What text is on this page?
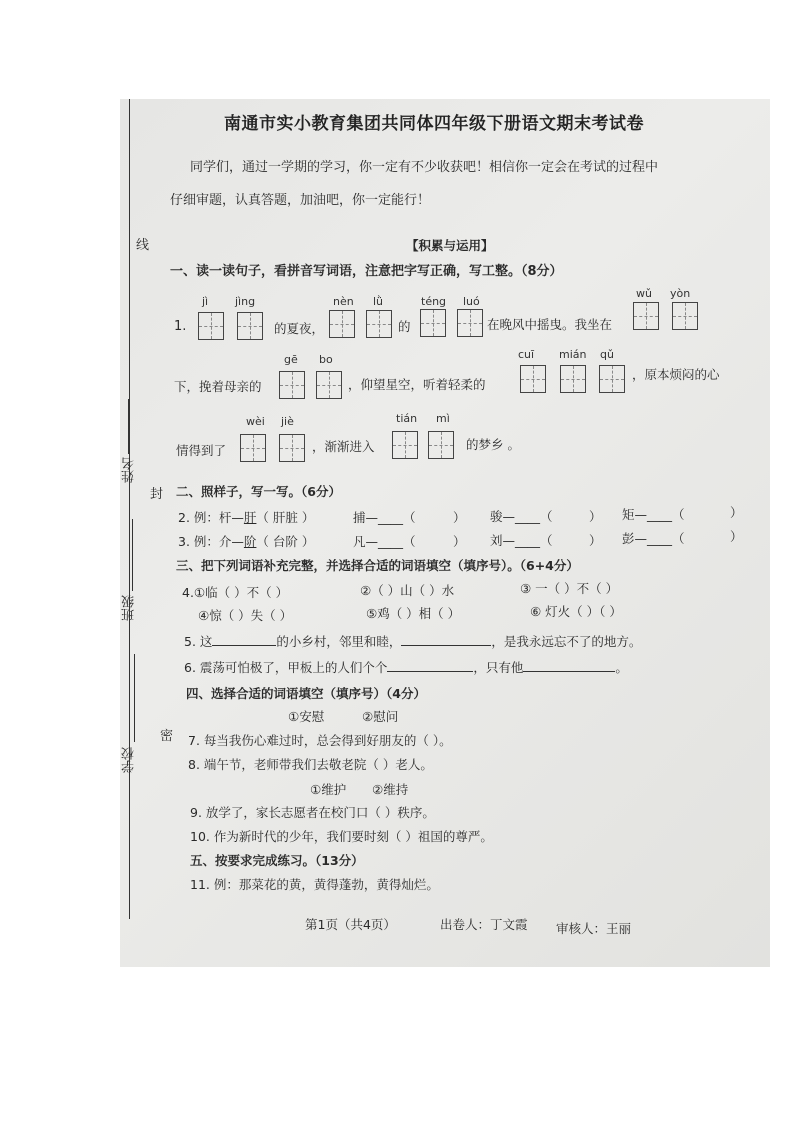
线
封
密
姓名
班级
学校
南通市实小教育集团共同体四年级下册语文期末考试卷
同学们，通过一学期的学习，你一定有不少收获吧！相信你一定会在考试的过程中
仔细审题，认真答题，加油吧，你一定能行！
【积累与运用】
一、读一读句子，看拼音写词语，注意把字写正确，写工整。（8分）
jì jìng	nèn lǜ	téng luó
wǔ yòn
1.	的夏夜，	的	在晚风中摇曳。我坐在
gē bo	cuī mián qǔ
下，挽着母亲的	，仰望星空，听着轻柔的
，原本烦闷的心
wèi jiè	tián mì
情得到了	，渐渐进入	的梦乡 。
二、照样子，写一写。（6分）
2. 例：杆—肝（ 肝脏 ）	捕—____（	） 骏—____（	） 矩—____（	）
3. 例：介—阶（ 台阶 ）	凡—____（	） 刘—____（	） 彭—____（	）
三、把下列词语补充完整，并选择合适的词语填空（填序号）。（6+4分）
4.①临（ ）不（ ）	②（ ）山（ ）水	③ 一（ ）不（ ）
④惊（ ）失（ ）	⑤鸡（ ）相（ ）	⑥ 灯火（ ）（ ）
5. 这	的小乡村，邻里和睦，	，是我永远忘不了的地方。
6. 震荡可怕极了，甲板上的人们个个	，只有他	。
四、选择合适的词语填空（填序号）（4分）
①安慰	②慰问
7. 每当我伤心难过时，总会得到好朋友的（ ）。
8. 端午节，老师带我们去敬老院（ ）老人。
①维护 ②维持
9. 放学了，家长志愿者在校门口（ ）秩序。
10. 作为新时代的少年，我们要时刻（ ）祖国的尊严。
五、按要求完成练习。（13分）
11. 例：那菜花的黄，黄得蓬勃，黄得灿烂。
第1页（共4页）	出卷人：丁文霞 审核人：王丽
